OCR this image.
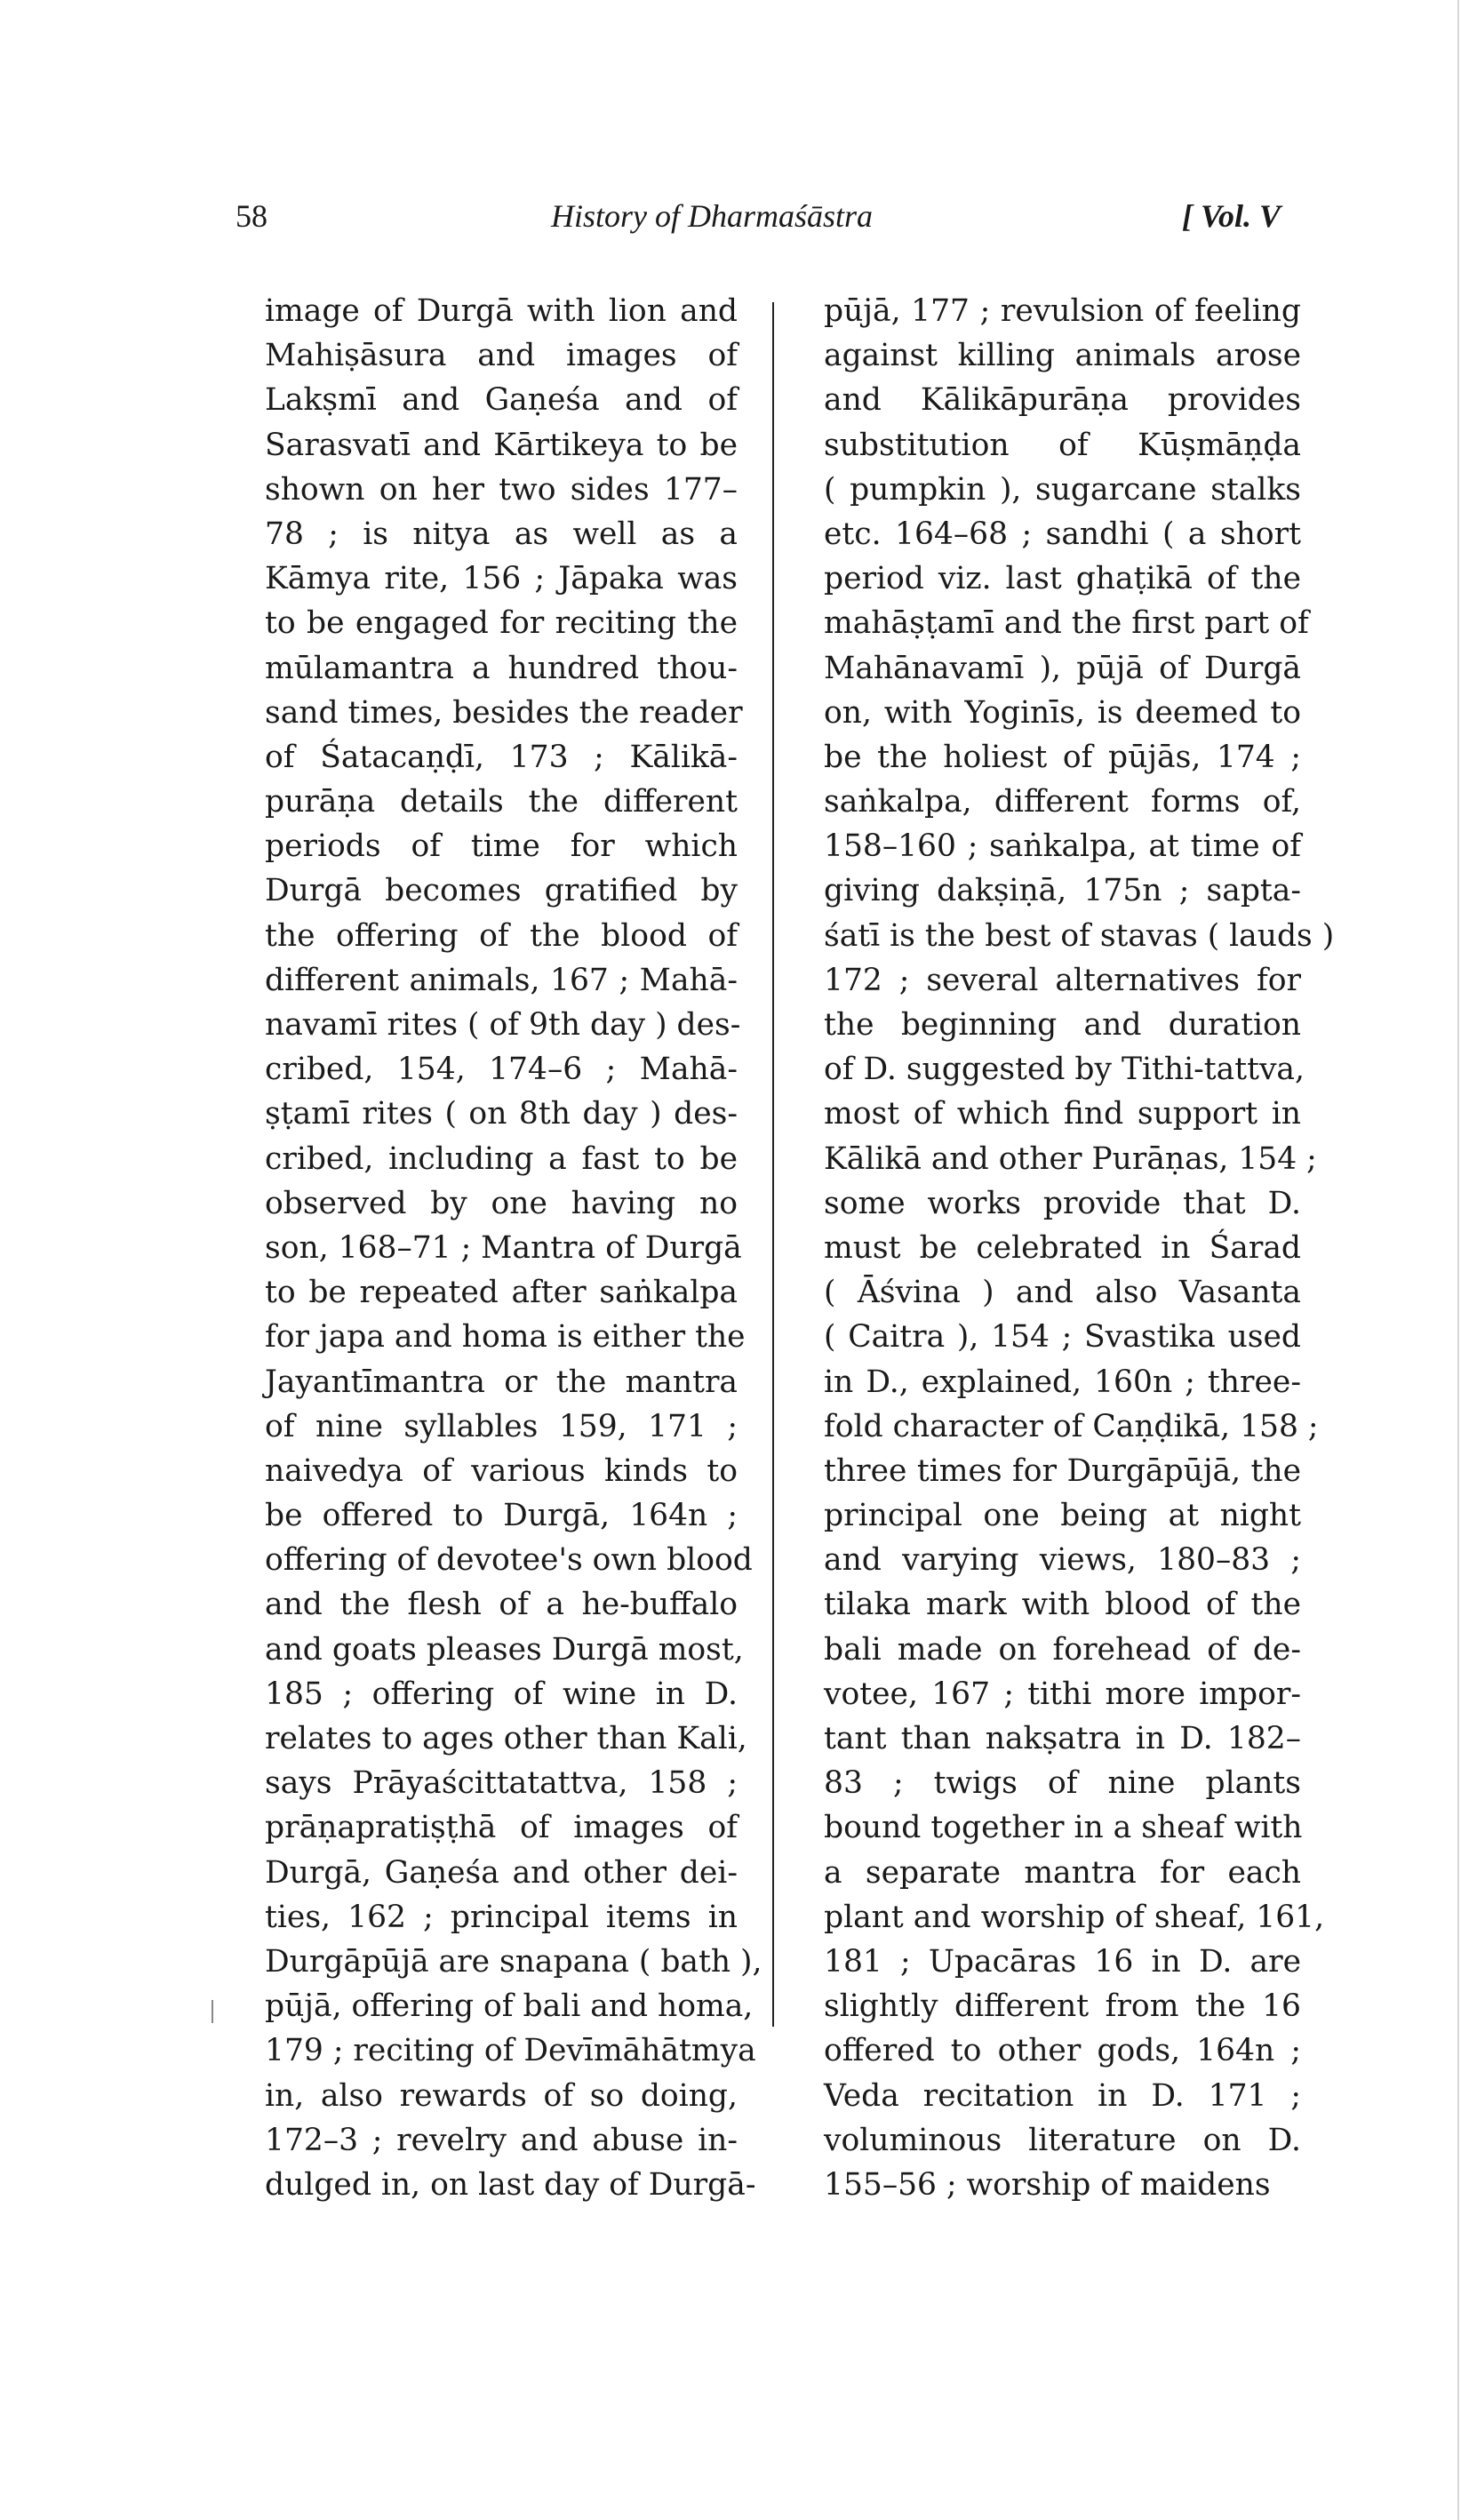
58	History of Dharmaśāstra	[ Vol. V
image of Durgā with lion and
Mahiṣāsura and images of
Lakṣmī and Gaṇeśa and of
Sarasvatī and Kārtikeya to be
shown on her two sides 177–
78 ; is nitya as well as a
Kāmya rite, 156 ; Jāpaka was
to be engaged for reciting the
mūlamantra a hundred thou-
sand times, besides the reader
of Śatacaṇḍī, 173 ; Kālikā-
purāṇa details the different
periods of time for which
Durgā becomes gratified by
the offering of the blood of
different animals, 167 ; Mahā-
navamī rites ( of 9th day ) des-
cribed, 154, 174–6 ; Mahā-
ṣṭamī rites ( on 8th day ) des-
cribed, including a fast to be
observed by one having no
son, 168–71 ; Mantra of Durgā
to be repeated after saṅkalpa
for japa and homa is either the
Jayantīmantra or the mantra
of nine syllables 159, 171 ;
naivedya of various kinds to
be offered to Durgā, 164n ;
offering of devotee's own blood
and the flesh of a he-buffalo
and goats pleases Durgā most,
185 ; offering of wine in D.
relates to ages other than Kali,
says Prāyaścittatattva, 158 ;
prāṇapratiṣṭhā of images of
Durgā, Gaṇeśa and other dei-
ties, 162 ; principal items in
Durgāpūjā are snapana ( bath ),
pūjā, offering of bali and homa,
179 ; reciting of Devīmāhātmya
in, also rewards of so doing,
172–3 ; revelry and abuse in-
dulged in, on last day of Durgā-
pūjā, 177 ; revulsion of feeling
against killing animals arose
and Kālikāpurāṇa provides
substitution of Kūṣmāṇḍa
( pumpkin ), sugarcane stalks
etc. 164–68 ; sandhi ( a short
period viz. last ghaṭikā of the
mahāṣṭamī and the first part of
Mahānavamī ), pūjā of Durgā
on, with Yoginīs, is deemed to
be the holiest of pūjās, 174 ;
saṅkalpa, different forms of,
158–160 ; saṅkalpa, at time of
giving dakṣiṇā, 175n ; sapta-
śatī is the best of stavas ( lauds )
172 ; several alternatives for
the beginning and duration
of D. suggested by Tithi-tattva,
most of which find support in
Kālikā and other Purāṇas, 154 ;
some works provide that D.
must be celebrated in Śarad
( Āśvina ) and also Vasanta
( Caitra ), 154 ; Svastika used
in D., explained, 160n ; three-
fold character of Caṇḍikā, 158 ;
three times for Durgāpūjā, the
principal one being at night
and varying views, 180–83 ;
tilaka mark with blood of the
bali made on forehead of de-
votee, 167 ; tithi more impor-
tant than nakṣatra in D. 182–
83 ; twigs of nine plants
bound together in a sheaf with
a separate mantra for each
plant and worship of sheaf, 161,
181 ; Upacāras 16 in D. are
slightly different from the 16
offered to other gods, 164n ;
Veda recitation in D. 171 ;
voluminous literature on D.
155–56 ; worship of maidens
